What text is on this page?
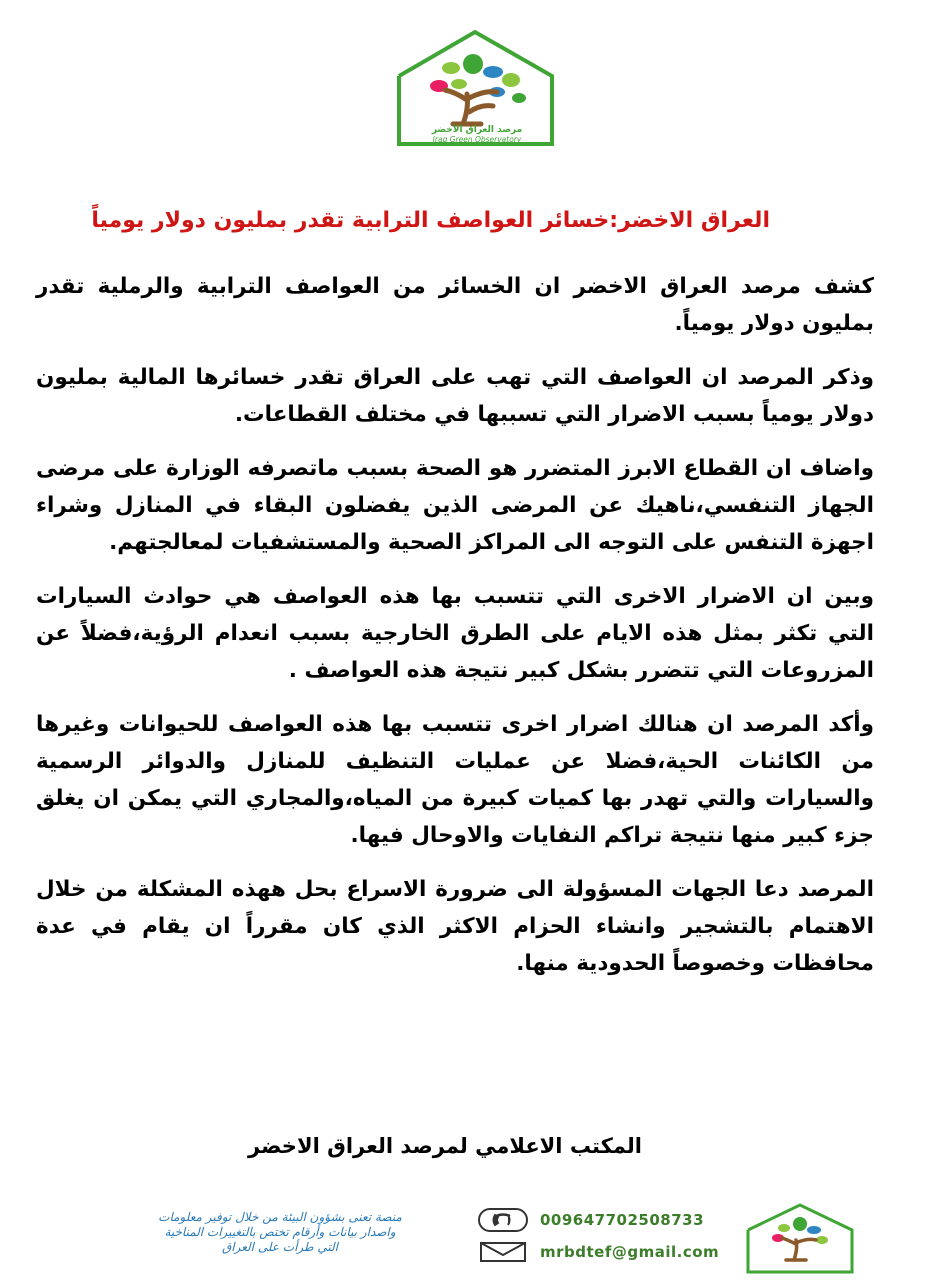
مرصد العراق الأخضر
Iraq Green Observatory
العراق الاخضر:خسائر العواصف الترابية تقدر بمليون دولار يومياً

كشف مرصد العراق الاخضر ان الخسائر من العواصف الترابية والرملية تقدر بمليون دولار يومياً.

وذكر المرصد ان العواصف التي تهب على العراق تقدر خسائرها المالية بمليون دولار يومياً بسبب الاضرار التي تسببها في مختلف القطاعات.

واضاف ان القطاع الابرز المتضرر هو الصحة بسبب ماتصرفه الوزارة على مرضى الجهاز التنفسي،ناهيك عن المرضى الذين يفضلون البقاء في المنازل وشراء اجهزة التنفس على التوجه الى المراكز الصحية والمستشفيات لمعالجتهم.

وبين ان الاضرار الاخرى التي تتسبب بها هذه العواصف هي حوادث السيارات التي تكثر بمثل هذه الايام على الطرق الخارجية بسبب انعدام الرؤية،فضلاً عن المزروعات التي تتضرر بشكل كبير نتيجة هذه العواصف .

وأكد المرصد ان هنالك اضرار اخرى تتسبب بها هذه العواصف للحيوانات وغيرها من الكائنات الحية،فضلا عن عمليات التنظيف للمنازل والدوائر الرسمية والسيارات والتي تهدر بها كميات كبيرة من المياه،والمجاري التي يمكن ان يغلق جزء كبير منها نتيجة تراكم النفايات والاوحال فيها.

المرصد دعا الجهات المسؤولة الى ضرورة الاسراع بحل ههذه المشكلة من خلال الاهتمام بالتشجير وانشاء الحزام الاكثر الذي كان مقرراً ان يقام في عدة محافظات وخصوصاً الحدودية منها.

المكتب الاعلامي لمرصد العراق الاخضر
منصة تعنى بشؤون البيئة من خلال توفير معلومات
واصدار بيانات وأرقام تختص بالتغييرات المناخية
التي طرأت على العراق
009647702508733
mrbdtef@gmail.com
